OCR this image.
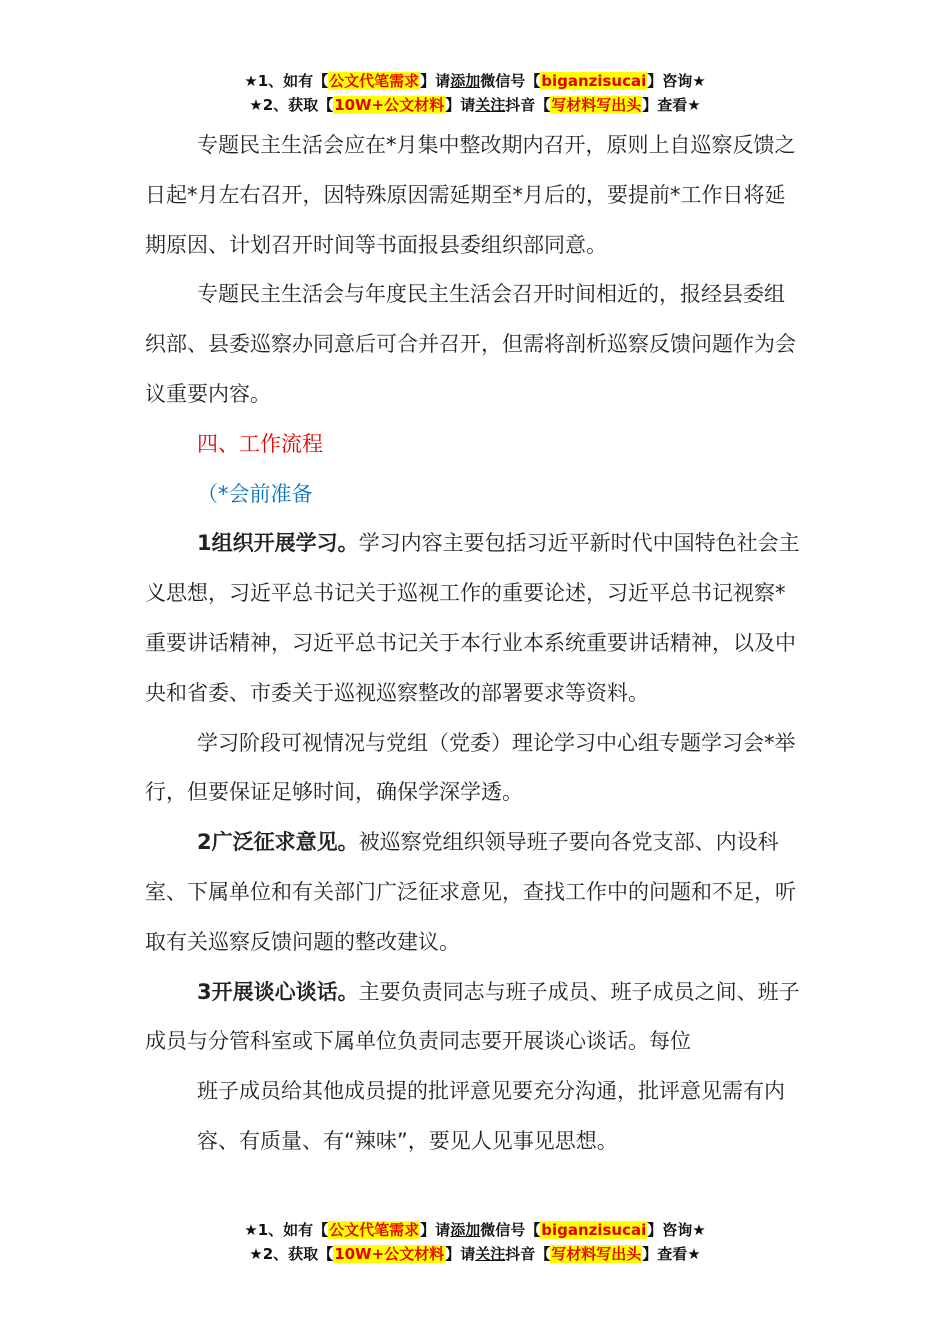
★1、如有【公文代笔需求】请添加微信号【biganzisucai】咨询★
★2、获取【10W+公文材料】请关注抖音【写材料写出头】查看★

专题民主生活会应在*月集中整改期内召开，原则上自巡察反馈之日起*月左右召开，因特殊原因需延期至*月后的，要提前*工作日将延期原因、计划召开时间等书面报县委组织部同意。

专题民主生活会与年度民主生活会召开时间相近的，报经县委组织部、县委巡察办同意后可合并召开，但需将剖析巡察反馈问题作为会议重要内容。

四、工作流程

（*会前准备

1组织开展学习。学习内容主要包括习近平新时代中国特色社会主义思想，习近平总书记关于巡视工作的重要论述，习近平总书记视察*重要讲话精神，习近平总书记关于本行业本系统重要讲话精神，以及中央和省委、市委关于巡视巡察整改的部署要求等资料。

学习阶段可视情况与党组（党委）理论学习中心组专题学习会*举行，但要保证足够时间，确保学深学透。

2广泛征求意见。被巡察党组织领导班子要向各党支部、内设科室、下属单位和有关部门广泛征求意见，查找工作中的问题和不足，听取有关巡察反馈问题的整改建议。

3开展谈心谈话。主要负责同志与班子成员、班子成员之间、班子成员与分管科室或下属单位负责同志要开展谈心谈话。每位

班子成员给其他成员提的批评意见要充分沟通，批评意见需有内

容、有质量、有“辣味”，要见人见事见思想。

★1、如有【公文代笔需求】请添加微信号【biganzisucai】咨询★
★2、获取【10W+公文材料】请关注抖音【写材料写出头】查看★
